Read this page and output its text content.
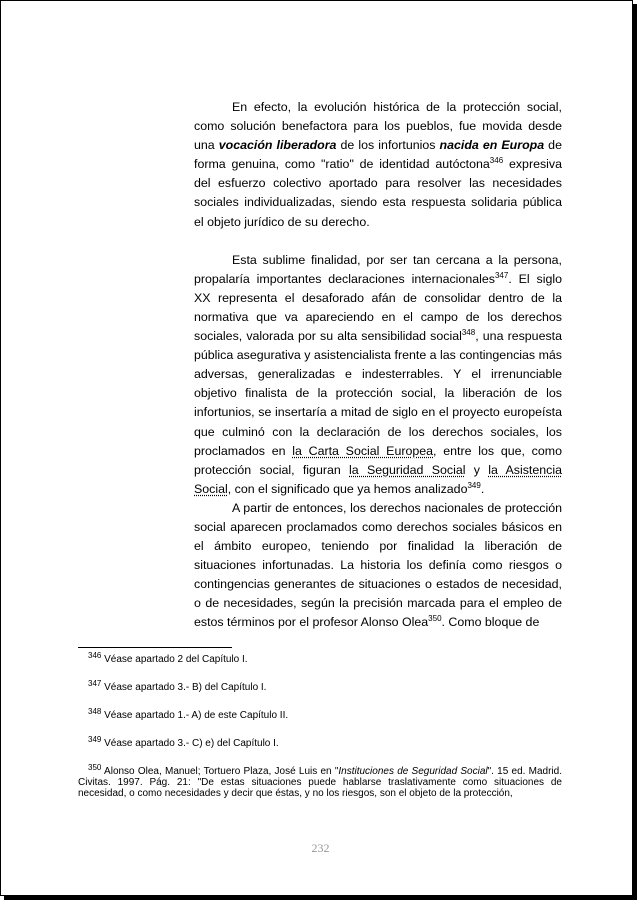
En efecto, la evolución histórica de la protección social, como solución benefactora para los pueblos, fue movida desde una vocación liberadora de los infortunios nacida en Europa de forma genuina, como "ratio" de identidad autóctona$^{346}$ expresiva del esfuerzo colectivo aportado para resolver las necesidades sociales individualizadas, siendo esta respuesta solidaria pública el objeto jurídico de su derecho.

Esta sublime finalidad, por ser tan cercana a la persona, propalaría importantes declaraciones internacionales$^{347}$. El siglo XX representa el desaforado afán de consolidar dentro de la normativa que va apareciendo en el campo de los derechos sociales, valorada por su alta sensibilidad social$^{348}$, una respuesta pública asegurativa y asistencialista frente a las contingencias más adversas, generalizadas e indesterrables. Y el irrenunciable objetivo finalista de la protección social, la liberación de los infortunios, se insertaría a mitad de siglo en el proyecto europeísta que culminó con la declaración de los derechos sociales, los proclamados en la Carta Social Europea, entre los que, como protección social, figuran la Seguridad Social y la Asistencia Social, con el significado que ya hemos analizado$^{349}$.

A partir de entonces, los derechos nacionales de protección social aparecen proclamados como derechos sociales básicos en el ámbito europeo, teniendo por finalidad la liberación de situaciones infortunadas. La historia los definía como riesgos o contingencias generantes de situaciones o estados de necesidad, o de necesidades, según la precisión marcada para el empleo de estos términos por el profesor Alonso Olea$^{350}$. Como bloque de

$^{346}$ Véase apartado 2 del Capítulo I.

$^{347}$ Véase apartado 3.- B) del Capítulo I.

$^{348}$ Véase apartado 1.- A) de este Capítulo II.

$^{349}$ Véase apartado 3.- C) e) del Capítulo I.

$^{350}$ Alonso Olea, Manuel; Tortuero Plaza, José Luis en "Instituciones de Seguridad Social". 15 ed. Madrid. Civitas. 1997. Pág. 21: "De estas situaciones puede hablarse traslativamente como situaciones de necesidad, o como necesidades y decir que éstas, y no los riesgos, son el objeto de la protección,

232
